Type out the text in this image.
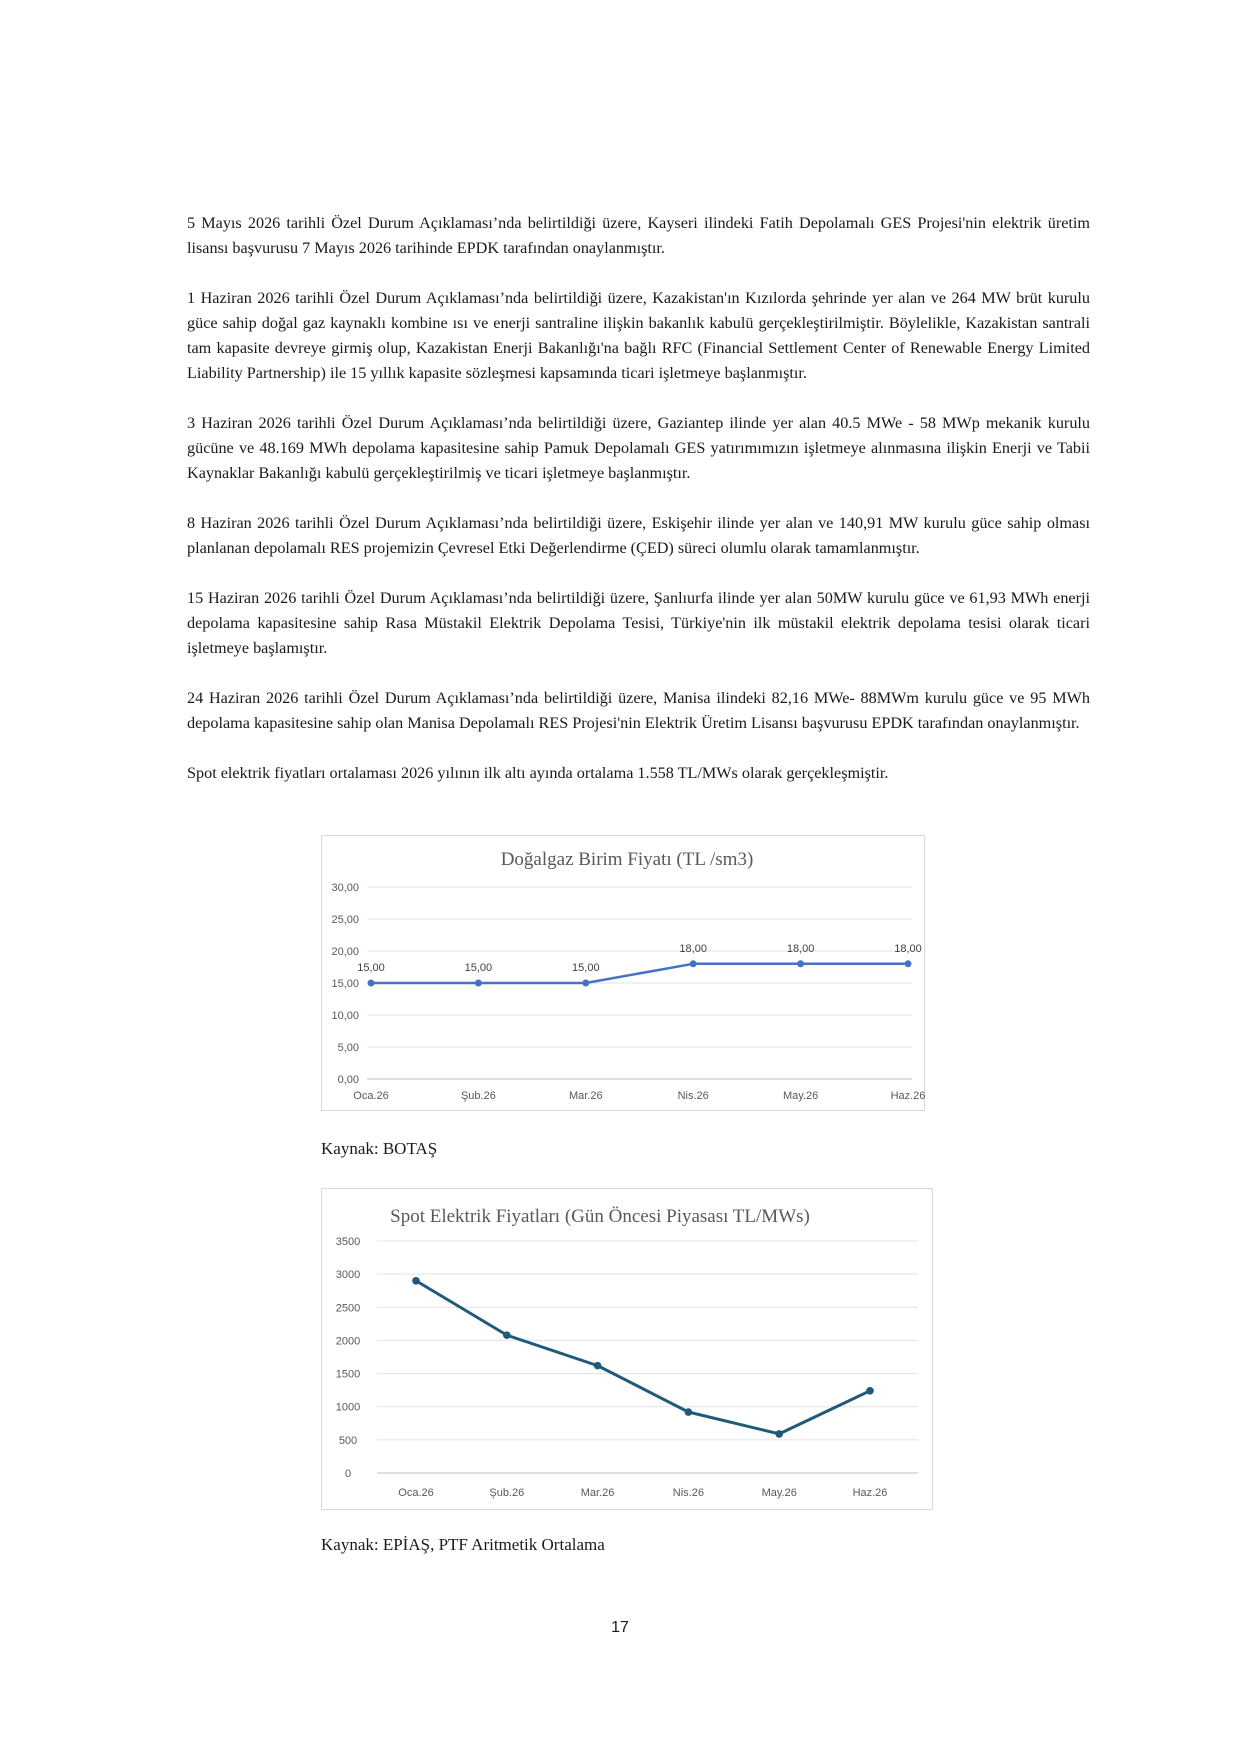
5 Mayıs 2026 tarihli Özel Durum Açıklaması’nda belirtildiği üzere, Kayseri ilindeki Fatih Depolamalı GES Projesi'nin elektrik üretim lisansı başvurusu 7 Mayıs 2026 tarihinde EPDK tarafından onaylanmıştır.

1 Haziran 2026 tarihli Özel Durum Açıklaması’nda belirtildiği üzere, Kazakistan'ın Kızılorda şehrinde yer alan ve 264 MW brüt kurulu güce sahip doğal gaz kaynaklı kombine ısı ve enerji santraline ilişkin bakanlık kabulü gerçekleştirilmiştir. Böylelikle, Kazakistan santrali tam kapasite devreye girmiş olup, Kazakistan Enerji Bakanlığı'na bağlı RFC (Financial Settlement Center of Renewable Energy Limited Liability Partnership) ile 15 yıllık kapasite sözleşmesi kapsamında ticari işletmeye başlanmıştır.

3 Haziran 2026 tarihli Özel Durum Açıklaması’nda belirtildiği üzere, Gaziantep ilinde yer alan 40.5 MWe - 58 MWp mekanik kurulu gücüne ve 48.169 MWh depolama kapasitesine sahip Pamuk Depolamalı GES yatırımımızın işletmeye alınmasına ilişkin Enerji ve Tabii Kaynaklar Bakanlığı kabulü gerçekleştirilmiş ve ticari işletmeye başlanmıştır.

8 Haziran 2026 tarihli Özel Durum Açıklaması’nda belirtildiği üzere, Eskişehir ilinde yer alan ve 140,91 MW kurulu güce sahip olması planlanan depolamalı RES projemizin Çevresel Etki Değerlendirme (ÇED) süreci olumlu olarak tamamlanmıştır.

15 Haziran 2026 tarihli Özel Durum Açıklaması’nda belirtildiği üzere, Şanlıurfa ilinde yer alan 50MW kurulu güce ve 61,93 MWh enerji depolama kapasitesine sahip Rasa Müstakil Elektrik Depolama Tesisi, Türkiye'nin ilk müstakil elektrik depolama tesisi olarak ticari işletmeye başlamıştır.

24 Haziran 2026 tarihli Özel Durum Açıklaması’nda belirtildiği üzere, Manisa ilindeki 82,16 MWe- 88MWm kurulu güce ve 95 MWh depolama kapasitesine sahip olan Manisa Depolamalı RES Projesi'nin Elektrik Üretim Lisansı başvurusu EPDK tarafından onaylanmıştır.

Spot elektrik fiyatları ortalaması 2026 yılının ilk altı ayında ortalama 1.558 TL/MWs olarak gerçekleşmiştir.

Doğalgaz Birim Fiyatı (TL /sm3)
0,00
5,00
10,00
15,00
20,00
25,00
30,00
Oca.26	Şub.26	Mar.26	Nis.26	May.26	Haz.26
15,00	15,00	15,00
18,00	18,00	18,00
Kaynak: BOTAŞ
Spot Elektrik Fiyatları (Gün Öncesi Piyasası TL/MWs)
0
500
1000
1500
2000
2500
3000
3500
Oca.26	Şub.26	Mar.26	Nis.26	May.26	Haz.26
Kaynak: EPİAŞ, PTF Aritmetik Ortalama
17
